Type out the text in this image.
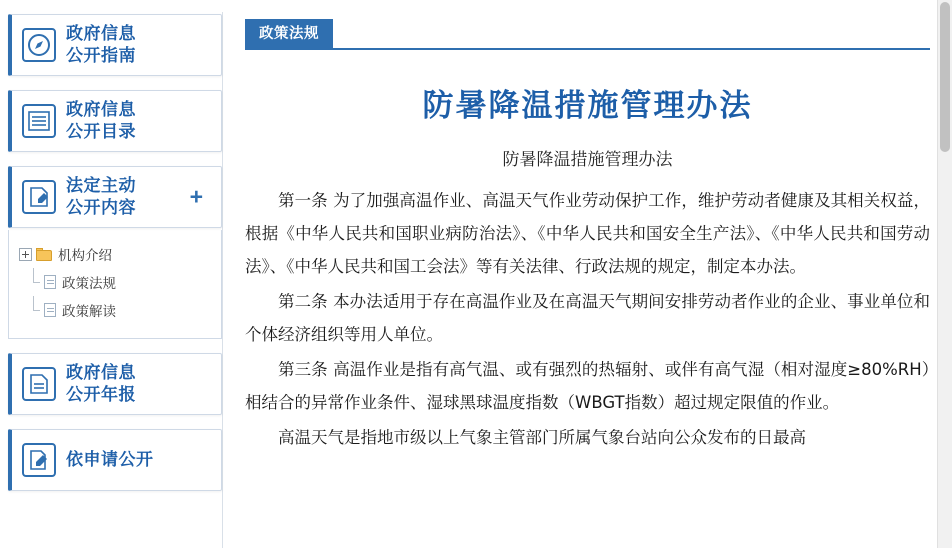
政府信息
公开指南
政府信息
公开目录
法定主动
公开内容 +
机构介绍
政策法规
政策解读
政府信息
公开年报
依申请公开
政策法规
防暑降温措施管理办法
防暑降温措施管理办法

第一条 为了加强高温作业、高温天气作业劳动保护工作，维护劳动者健康及其相关权益，根据《中华人民共和国职业病防治法》、《中华人民共和国安全生产法》、《中华人民共和国劳动法》、《中华人民共和国工会法》等有关法律、行政法规的规定，制定本办法。

第二条 本办法适用于存在高温作业及在高温天气期间安排劳动者作业的企业、事业单位和个体经济组织等用人单位。

第三条 高温作业是指有高气温、或有强烈的热辐射、或伴有高气湿（相对湿度≥80%RH）相结合的异常作业条件、湿球黑球温度指数（WBGT指数）超过规定限值的作业。

高温天气是指地市级以上气象主管部门所属气象台站向公众发布的日最高
